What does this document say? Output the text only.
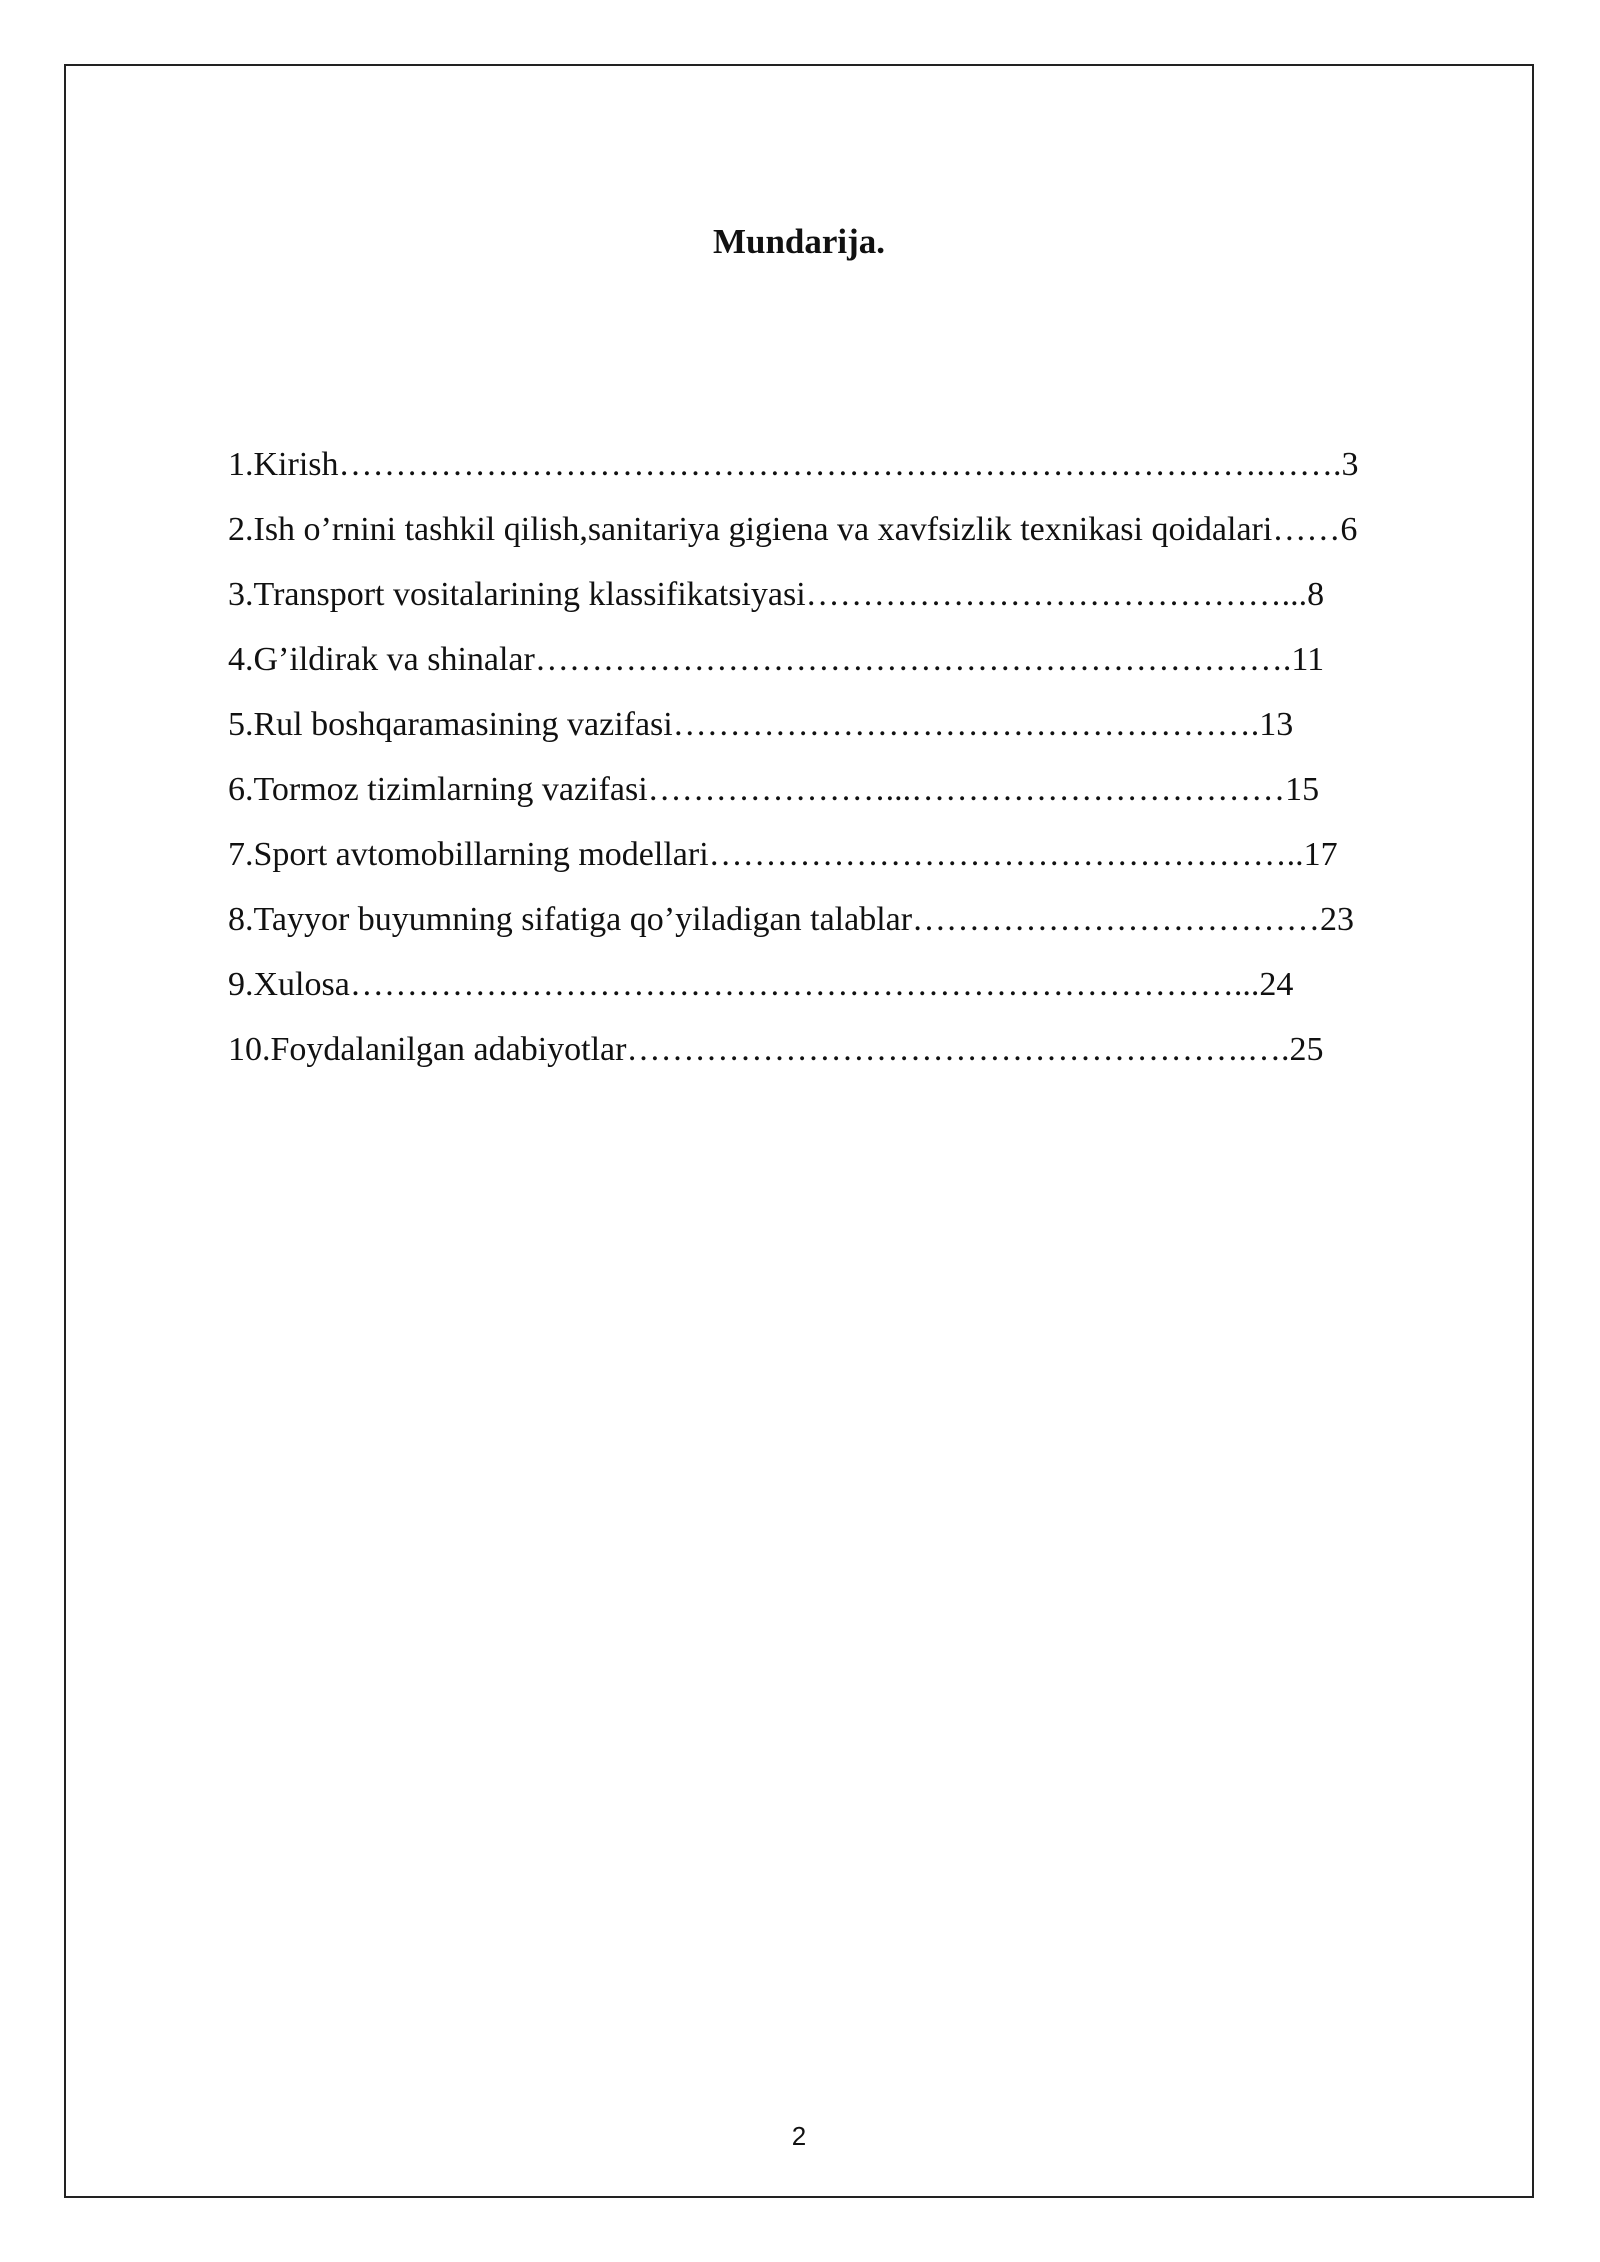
Mundarija.
1.Kirish……………………………………………………………………….…….3
2.Ish o’rnini tashkil qilish,sanitariya gigiena va xavfsizlik texnikasi qoidalari……6
3.Transport vositalarining klassifikatsiyasi……………………………………...8
4.G’ildirak va shinalar………………………………………………………….11
5.Rul boshqaramasining vazifasi…………………………………………….13
6.Tormoz tizimlarning vazifasi…………………...……………………………15
7.Sport avtomobillarning modellari……………………………………………..17
8.Tayyor buyumning sifatiga qo’yiladigan talablar………………………………23
9.Xulosa……………………………………………………………………...24
10.Foydalanilgan adabiyotlar……………………………………………….….25
2
